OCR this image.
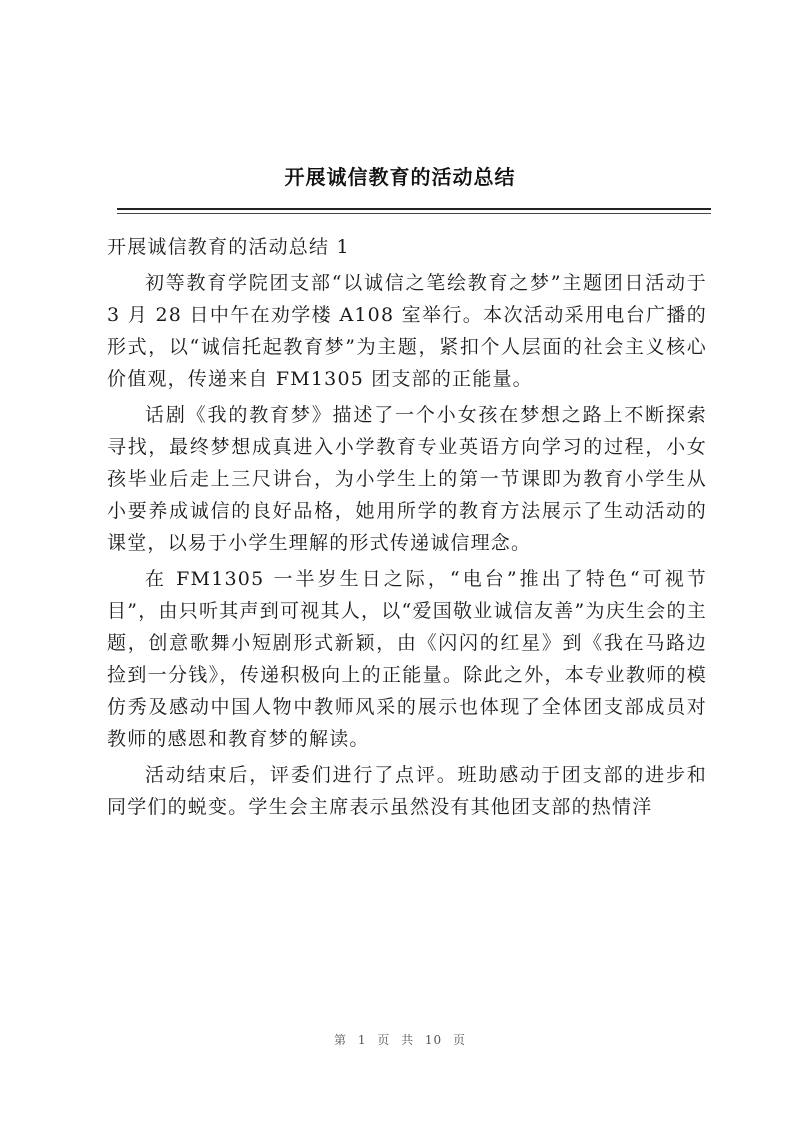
开展诚信教育的活动总结

开展诚信教育的活动总结 1

初等教育学院团支部“以诚信之笔绘教育之梦”主题团日活动于 3 月 28 日中午在劝学楼 A108 室举行。本次活动采用电台广播的形式，以“诚信托起教育梦”为主题，紧扣个人层面的社会主义核心价值观，传递来自 FM1305 团支部的正能量。

话剧《我的教育梦》描述了一个小女孩在梦想之路上不断探索寻找，最终梦想成真进入小学教育专业英语方向学习的过程，小女孩毕业后走上三尺讲台，为小学生上的第一节课即为教育小学生从小要养成诚信的良好品格，她用所学的教育方法展示了生动活动的课堂，以易于小学生理解的形式传递诚信理念。

在 FM1305 一半岁生日之际，“电台”推出了特色“可视节目”，由只听其声到可视其人，以“爱国敬业诚信友善”为庆生会的主题，创意歌舞小短剧形式新颖，由《闪闪的红星》到《我在马路边捡到一分钱》，传递积极向上的正能量。除此之外，本专业教师的模仿秀及感动中国人物中教师风采的展示也体现了全体团支部成员对教师的感恩和教育梦的解读。

活动结束后，评委们进行了点评。班助感动于团支部的进步和同学们的蜕变。学生会主席表示虽然没有其他团支部的热情洋

第 1 页 共 10 页
